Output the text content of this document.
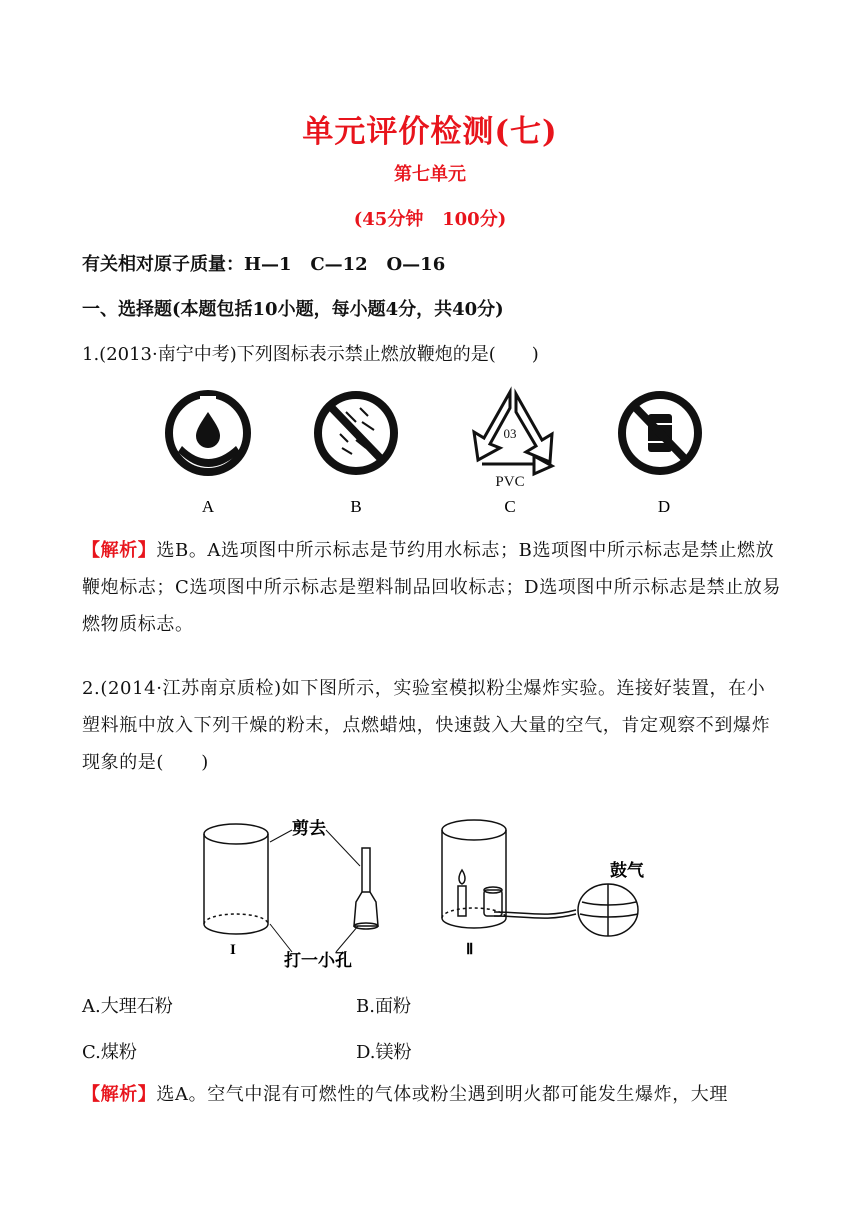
单元评价检测(七)
第七单元
(45分钟   100分)
有关相对原子质量：H—1   C—12   O—16
一、选择题(本题包括10小题，每小题4分，共40分)
1.(2013·南宁中考)下列图标表示禁止燃放鞭炮的是(　　)
03
PVC
A	B	C	D
【解析】选B。A选项图中所示标志是节约用水标志；B选项图中所示标志是禁止燃放鞭炮标志；C选项图中所示标志是塑料制品回收标志；D选项图中所示标志是禁止放易燃物质标志。
2.(2014·江苏南京质检)如下图所示，实验室模拟粉尘爆炸实验。连接好装置，在小塑料瓶中放入下列干燥的粉末，点燃蜡烛，快速鼓入大量的空气，肯定观察不到爆炸现象的是(　　)
剪去
I
打一小孔
Ⅱ
鼓气
A.大理石粉	B.面粉
C.煤粉	D.镁粉
【解析】选A。空气中混有可燃性的气体或粉尘遇到明火都可能发生爆炸，大理
